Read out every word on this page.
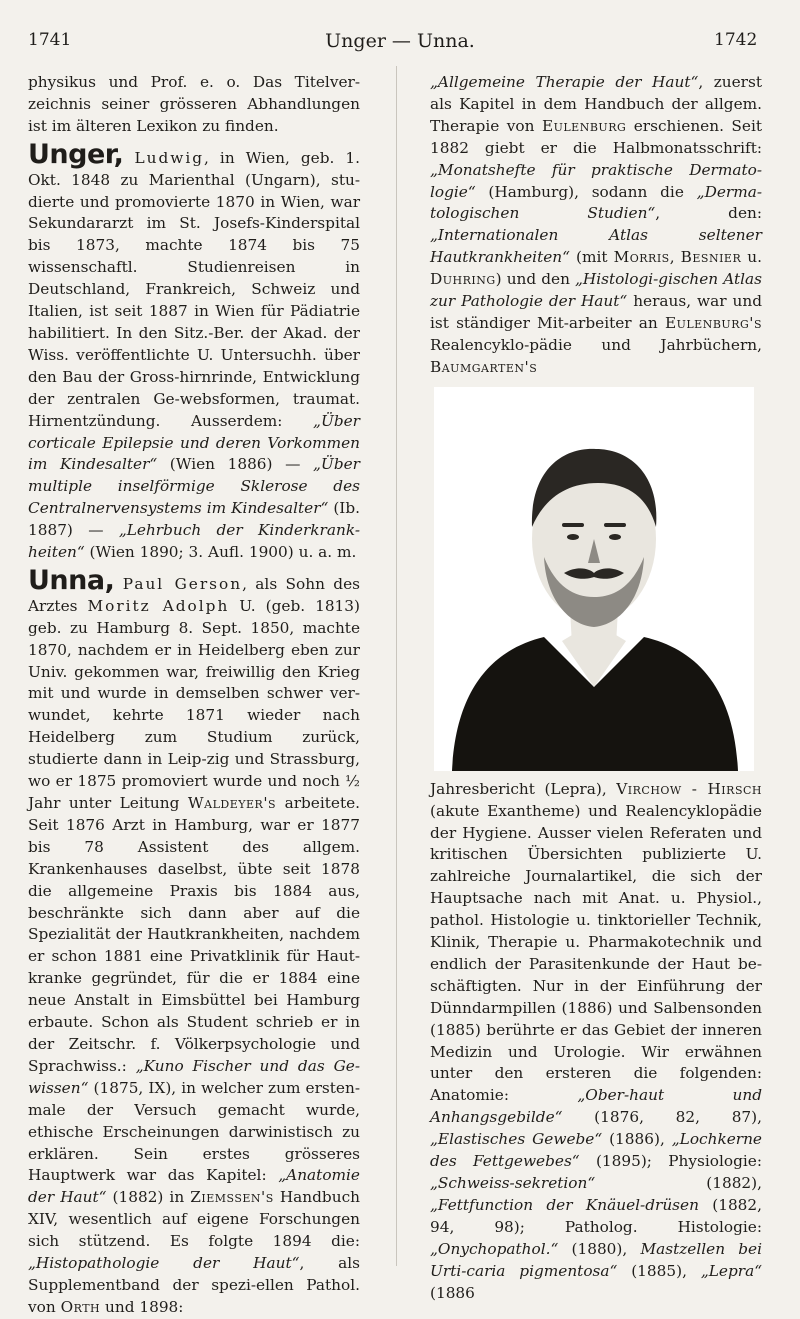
1741	Unger — Unna.	1742

physikus und Prof. e. o. Das Titelver-zeichnis seiner grösseren Abhandlungen ist im älteren Lexikon zu finden.

Unger, Ludwig, in Wien, geb. 1. Okt. 1848 zu Marienthal (Ungarn), stu-dierte und promovierte 1870 in Wien, war Sekundararzt im St. Josefs-Kinderspital bis 1873, machte 1874 bis 75 wissenschaftl. Studienreisen in Deutschland, Frankreich, Schweiz und Italien, ist seit 1887 in Wien für Pädiatrie habilitiert. In den Sitz.-Ber. der Akad. der Wiss. veröffentlichte U. Untersuchh. über den Bau der Gross-hirnrinde, Entwicklung der zentralen Ge-websformen, traumat. Hirnentzündung. Ausserdem: „Über corticale Epilepsie und deren Vorkommen im Kindesalter“ (Wien 1886) — „Über multiple inselförmige Sklerose des Centralnervensystems im Kindesalter“ (Ib. 1887) — „Lehrbuch der Kinderkrank-heiten“ (Wien 1890; 3. Aufl. 1900) u. a. m.

Unna, Paul Gerson, als Sohn des Arztes Moritz Adolph U. (geb. 1813) geb. zu Hamburg 8. Sept. 1850, machte 1870, nachdem er in Heidelberg eben zur Univ. gekommen war, freiwillig den Krieg mit und wurde in demselben schwer ver-wundet, kehrte 1871 wieder nach Heidelberg zum Studium zurück, studierte dann in Leip-zig und Strassburg, wo er 1875 promoviert wurde und noch ½ Jahr unter Leitung Waldeyer's arbeitete. Seit 1876 Arzt in Hamburg, war er 1877 bis 78 Assistent des allgem. Krankenhauses daselbst, übte seit 1878 die allgemeine Praxis bis 1884 aus, beschränkte sich dann aber auf die Spezialität der Hautkrankheiten, nachdem er schon 1881 eine Privatklinik für Haut-kranke gegründet, für die er 1884 eine neue Anstalt in Eimsbüttel bei Hamburg erbaute. Schon als Student schrieb er in der Zeitschr. f. Völkerpsychologie und Sprachwiss.: „Kuno Fischer und das Ge-wissen“ (1875, IX), in welcher zum ersten-male der Versuch gemacht wurde, ethische Erscheinungen darwinistisch zu erklären. Sein erstes grösseres Hauptwerk war das Kapitel: „Anatomie der Haut“ (1882) in Ziemssen's Handbuch XIV, wesentlich auf eigene Forschungen sich stützend. Es folgte 1894 die: „Histopathologie der Haut“, als Supplementband der spezi-ellen Pathol. von Orth und 1898:

„Allgemeine Therapie der Haut“, zuerst als Kapitel in dem Handbuch der allgem. Therapie von Eulenburg erschienen. Seit 1882 giebt er die Halbmonatsschrift: „Monatshefte für praktische Dermato-logie“ (Hamburg), sodann die „Derma-tologischen Studien“, den: „Internationalen Atlas seltener Hautkrankheiten“ (mit Morris, Besnier u. Duhring) und den „Histologi-gischen Atlas zur Pathologie der Haut“ heraus, war und ist ständiger Mit-arbeiter an Eulenburg's Realencyklo-pädie und Jahrbüchern, Baumgarten's

Jahresbericht (Lepra), Virchow - Hirsch (akute Exantheme) und Realencyklopädie der Hygiene. Ausser vielen Referaten und kritischen Übersichten publizierte U. zahlreiche Journalartikel, die sich der Hauptsache nach mit Anat. u. Physiol., pathol. Histologie u. tinktorieller Technik, Klinik, Therapie u. Pharmakotechnik und endlich der Parasitenkunde der Haut be-schäftigten. Nur in der Einführung der Dünndarmpillen (1886) und Salbensonden (1885) berührte er das Gebiet der inneren Medizin und Urologie. Wir erwähnen unter den ersteren die folgenden: Anatomie: „Ober-haut und Anhangsgebilde“ (1876, 82, 87), „Elastisches Gewebe“ (1886), „Lochkerne des Fettgewebes“ (1895); Physiologie: „Schweiss-sekretion“ (1882), „Fettfunction der Knäuel-drüsen (1882, 94, 98); Patholog. Histologie: „Onychopathol.“ (1880), Mastzellen bei Urti-caria pigmentosa“ (1885), „Lepra“ (1886
